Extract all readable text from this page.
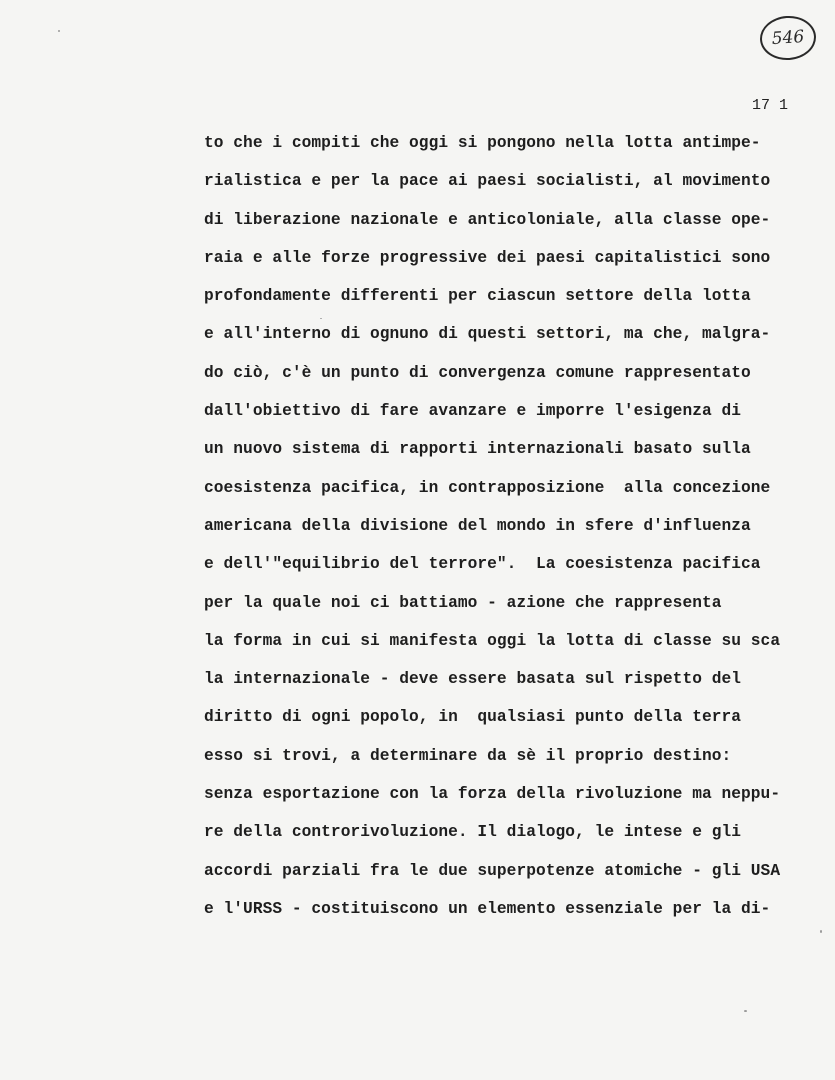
546
17 1
to che i compiti che oggi si pongono nella lotta antimpe-
rialistica e per la pace ai paesi socialisti, al movimento
di liberazione nazionale e anticoloniale, alla classe ope-
raia e alle forze progressive dei paesi capitalistici sono
profondamente differenti per ciascun settore della lotta
e all'interno di ognuno di questi settori, ma che, malgra-
do ciò, c'è un punto di convergenza comune rappresentato
dall'obiettivo di fare avanzare e imporre l'esigenza di
un nuovo sistema di rapporti internazionali basato sulla
coesistenza pacifica, in contrapposizione  alla concezione
americana della divisione del mondo in sfere d'influenza
e dell'"equilibrio del terrore".  La coesistenza pacifica
per la quale noi ci battiamo - azione che rappresenta
la forma in cui si manifesta oggi la lotta di classe su sca
la internazionale - deve essere basata sul rispetto del
diritto di ogni popolo, in  qualsiasi punto della terra
esso si trovi, a determinare da sè il proprio destino:
senza esportazione con la forza della rivoluzione ma neppu-
re della controrivoluzione. Il dialogo, le intese e gli
accordi parziali fra le due superpotenze atomiche - gli USA
e l'URSS - costituiscono un elemento essenziale per la di-
